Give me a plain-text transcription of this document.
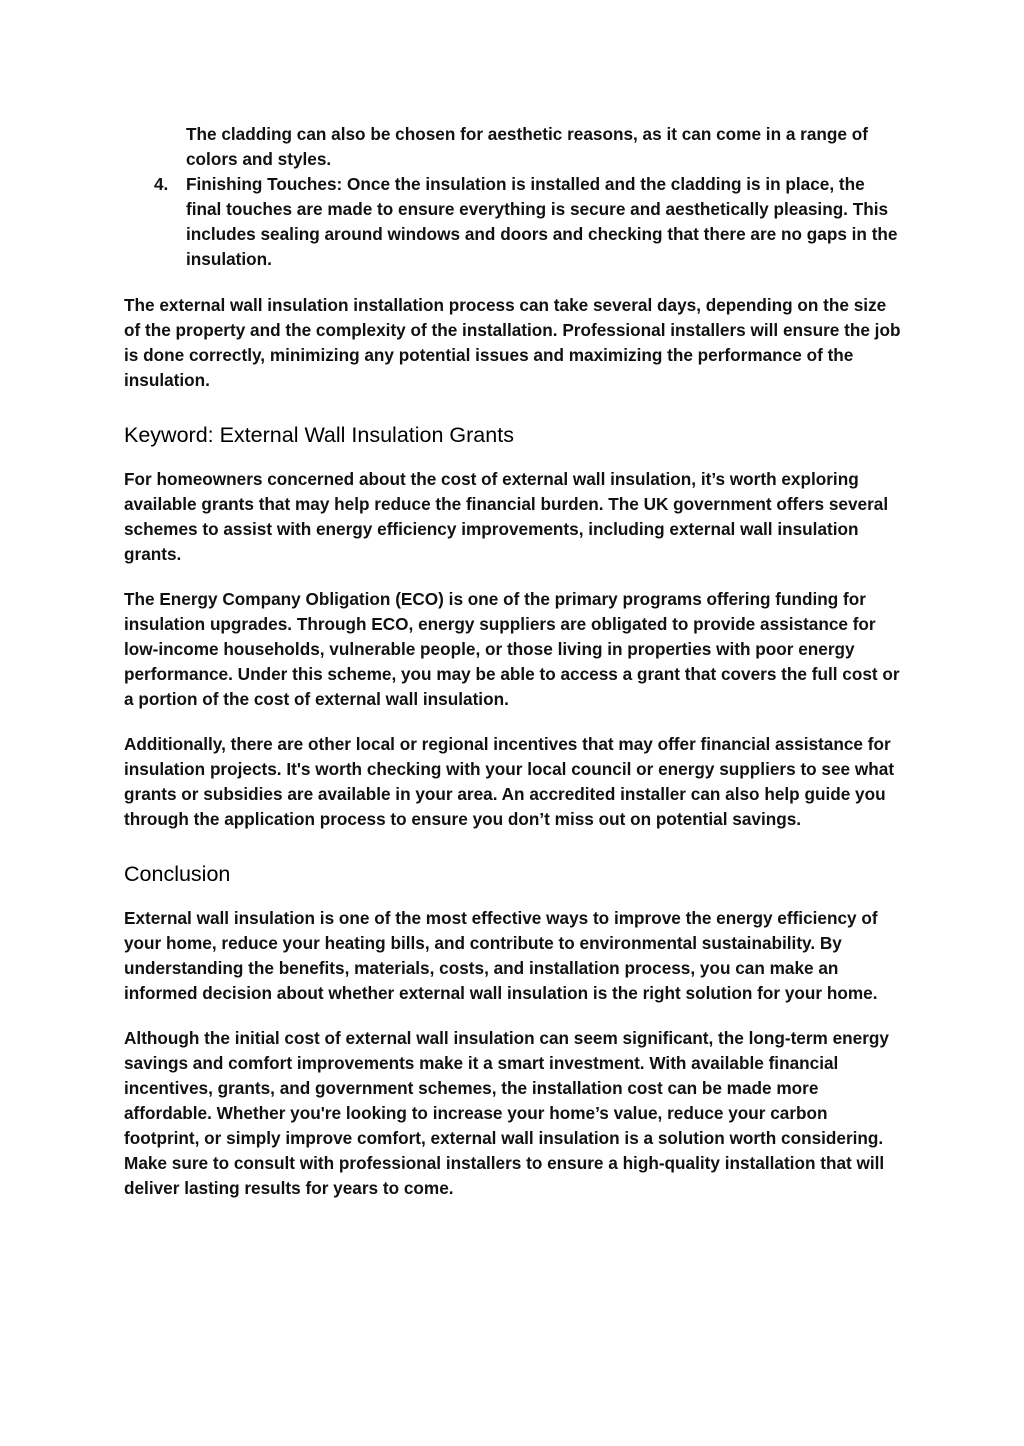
The cladding can also be chosen for aesthetic reasons, as it can come in a range of colors and styles.

4. Finishing Touches: Once the insulation is installed and the cladding is in place, the final touches are made to ensure everything is secure and aesthetically pleasing. This includes sealing around windows and doors and checking that there are no gaps in the insulation.

The external wall insulation installation process can take several days, depending on the size of the property and the complexity of the installation. Professional installers will ensure the job is done correctly, minimizing any potential issues and maximizing the performance of the insulation.

Keyword: External Wall Insulation Grants

For homeowners concerned about the cost of external wall insulation, it’s worth exploring available grants that may help reduce the financial burden. The UK government offers several schemes to assist with energy efficiency improvements, including external wall insulation grants.

The Energy Company Obligation (ECO) is one of the primary programs offering funding for insulation upgrades. Through ECO, energy suppliers are obligated to provide assistance for low-income households, vulnerable people, or those living in properties with poor energy performance. Under this scheme, you may be able to access a grant that covers the full cost or a portion of the cost of external wall insulation.

Additionally, there are other local or regional incentives that may offer financial assistance for insulation projects. It's worth checking with your local council or energy suppliers to see what grants or subsidies are available in your area. An accredited installer can also help guide you through the application process to ensure you don’t miss out on potential savings.

Conclusion

External wall insulation is one of the most effective ways to improve the energy efficiency of your home, reduce your heating bills, and contribute to environmental sustainability. By understanding the benefits, materials, costs, and installation process, you can make an informed decision about whether external wall insulation is the right solution for your home.

Although the initial cost of external wall insulation can seem significant, the long-term energy savings and comfort improvements make it a smart investment. With available financial incentives, grants, and government schemes, the installation cost can be made more affordable. Whether you're looking to increase your home’s value, reduce your carbon footprint, or simply improve comfort, external wall insulation is a solution worth considering. Make sure to consult with professional installers to ensure a high-quality installation that will deliver lasting results for years to come.
